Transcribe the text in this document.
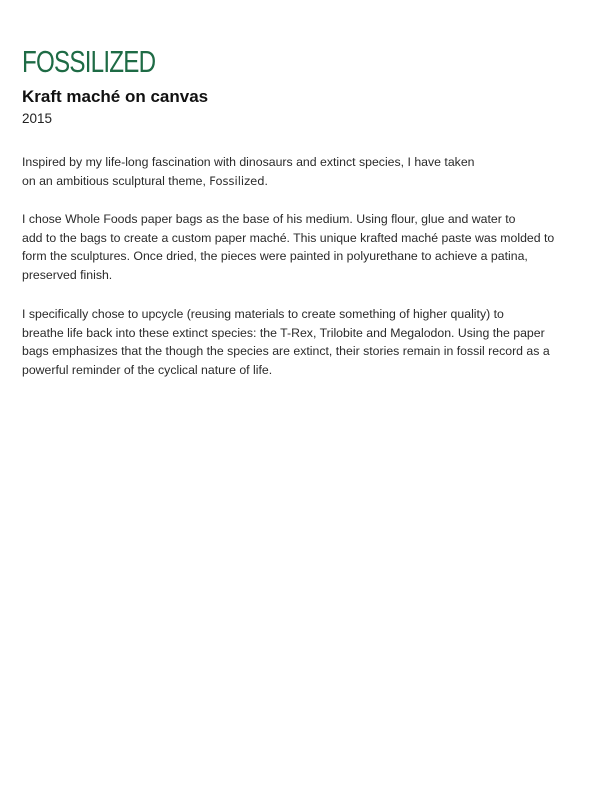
FOSSILIZED
Kraft maché on canvas
2015

Inspired by my life-long fascination with dinosaurs and extinct species, I have taken
on an ambitious sculptural theme, Fossilized.

I chose Whole Foods paper bags as the base of his medium. Using flour, glue and water to
add to the bags to create a custom paper maché. This unique krafted maché paste was molded to
form the sculptures. Once dried, the pieces were painted in polyurethane to achieve a patina,
preserved finish.

I specifically chose to upcycle (reusing materials to create something of higher quality) to
breathe life back into these extinct species: the T-Rex, Trilobite and Megalodon. Using the paper
bags emphasizes that the though the species are extinct, their stories remain in fossil record as a
powerful reminder of the cyclical nature of life.
